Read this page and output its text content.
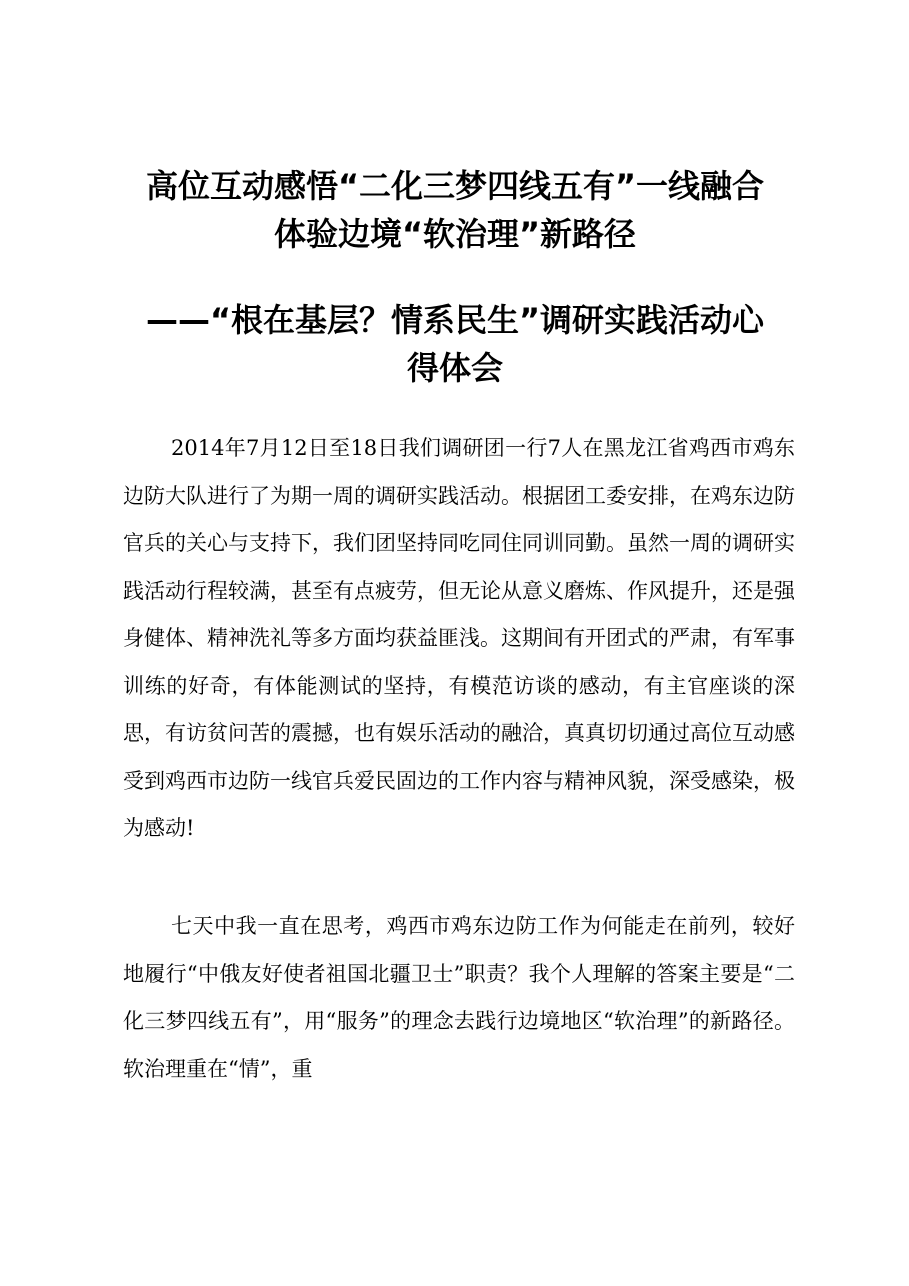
高位互动感悟“二化三梦四线五有”一线融合
体验边境“软治理”新路径
——“根在基层？情系民生”调研实践活动心
得体会

2014年7月12日至18日我们调研团一行7人在黑龙江省鸡西市鸡东边防大队进行了为期一周的调研实践活动。根据团工委安排，在鸡东边防官兵的关心与支持下，我们团坚持同吃同住同训同勤。虽然一周的调研实践活动行程较满，甚至有点疲劳，但无论从意义磨炼、作风提升，还是强身健体、精神洗礼等多方面均获益匪浅。这期间有开团式的严肃，有军事训练的好奇，有体能测试的坚持，有模范访谈的感动，有主官座谈的深思，有访贫问苦的震撼，也有娱乐活动的融洽，真真切切通过高位互动感受到鸡西市边防一线官兵爱民固边的工作内容与精神风貌，深受感染，极为感动!

七天中我一直在思考，鸡西市鸡东边防工作为何能走在前列，较好地履行“中俄友好使者祖国北疆卫士”职责？我个人理解的答案主要是“二化三梦四线五有”，用“服务”的理念去践行边境地区“软治理”的新路径。软治理重在“情”，重
